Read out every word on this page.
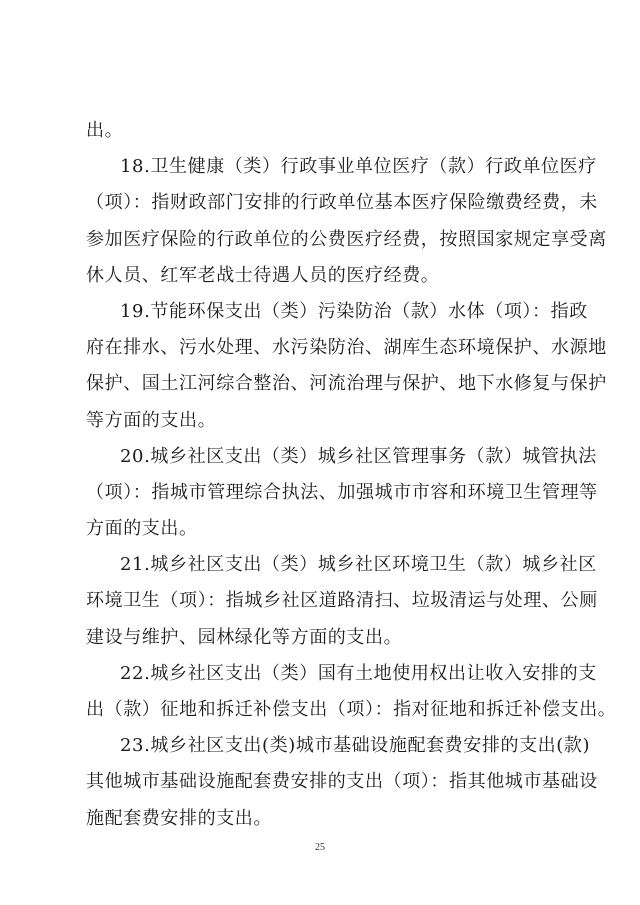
出。
18.卫生健康（类）行政事业单位医疗（款）行政单位医疗
（项）：指财政部门安排的行政单位基本医疗保险缴费经费，未
参加医疗保险的行政单位的公费医疗经费，按照国家规定享受离
休人员、红军老战士待遇人员的医疗经费。
19.节能环保支出（类）污染防治（款）水体（项）：指政
府在排水、污水处理、水污染防治、湖库生态环境保护、水源地
保护、国土江河综合整治、河流治理与保护、地下水修复与保护
等方面的支出。
20.城乡社区支出（类）城乡社区管理事务（款）城管执法
（项）：指城市管理综合执法、加强城市市容和环境卫生管理等
方面的支出。
21.城乡社区支出（类）城乡社区环境卫生（款）城乡社区
环境卫生（项）：指城乡社区道路清扫、垃圾清运与处理、公厕
建设与维护、园林绿化等方面的支出。
22.城乡社区支出（类）国有土地使用权出让收入安排的支
出（款）征地和拆迁补偿支出（项）：指对征地和拆迁补偿支出。
23.城乡社区支出(类)城市基础设施配套费安排的支出(款)
其他城市基础设施配套费安排的支出（项）：指其他城市基础设
施配套费安排的支出。
25
